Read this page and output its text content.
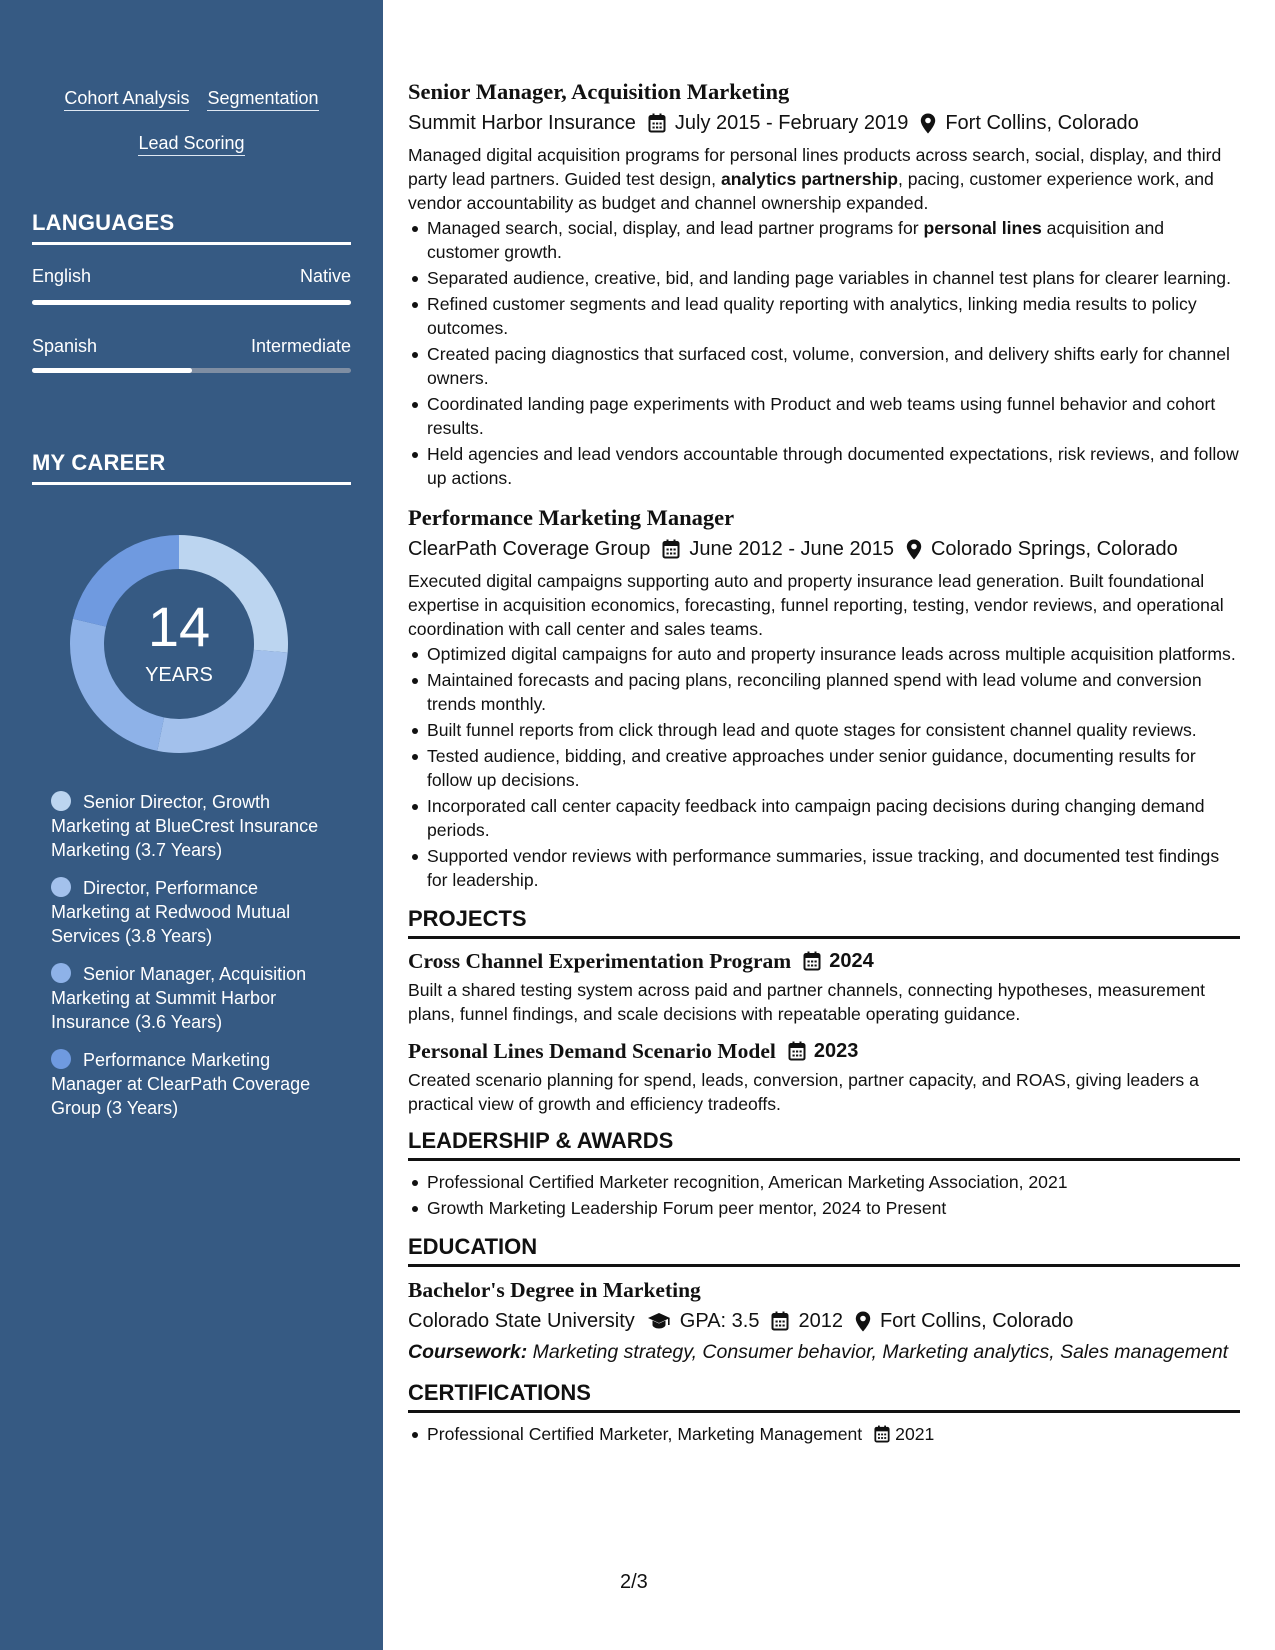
Cohort Analysis Segmentation
Lead Scoring
LANGUAGES
English	Native
Spanish	Intermediate
MY CAREER
14
YEARS
Senior Director, Growth Marketing at BlueCrest Insurance Marketing (3.7 Years)
Director, Performance Marketing at Redwood Mutual Services (3.8 Years)
Senior Manager, Acquisition Marketing at Summit Harbor Insurance (3.6 Years)
Performance Marketing Manager at ClearPath Coverage Group (3 Years)
Senior Manager, Acquisition Marketing
Summit Harbor Insurance July 2015 - February 2019 Fort Collins, Colorado

Managed digital acquisition programs for personal lines products across search, social, display, and third party lead partners. Guided test design, analytics partnership, pacing, customer experience work, and vendor accountability as budget and channel ownership expanded.

Managed search, social, display, and lead partner programs for personal lines acquisition and customer growth.
Separated audience, creative, bid, and landing page variables in channel test plans for clearer learning.
Refined customer segments and lead quality reporting with analytics, linking media results to policy outcomes.
Created pacing diagnostics that surfaced cost, volume, conversion, and delivery shifts early for channel owners.
Coordinated landing page experiments with Product and web teams using funnel behavior and cohort results.
Held agencies and lead vendors accountable through documented expectations, risk reviews, and follow up actions.
Performance Marketing Manager
ClearPath Coverage Group June 2012 - June 2015 Colorado Springs, Colorado

Executed digital campaigns supporting auto and property insurance lead generation. Built foundational expertise in acquisition economics, forecasting, funnel reporting, testing, vendor reviews, and operational coordination with call center and sales teams.

Optimized digital campaigns for auto and property insurance leads across multiple acquisition platforms.
Maintained forecasts and pacing plans, reconciling planned spend with lead volume and conversion trends monthly.
Built funnel reports from click through lead and quote stages for consistent channel quality reviews.
Tested audience, bidding, and creative approaches under senior guidance, documenting results for follow up decisions.
Incorporated call center capacity feedback into campaign pacing decisions during changing demand periods.
Supported vendor reviews with performance summaries, issue tracking, and documented test findings for leadership.
PROJECTS
Cross Channel Experimentation Program 2024

Built a shared testing system across paid and partner channels, connecting hypotheses, measurement plans, funnel findings, and scale decisions with repeatable operating guidance.

Personal Lines Demand Scenario Model 2023

Created scenario planning for spend, leads, conversion, partner capacity, and ROAS, giving leaders a practical view of growth and efficiency tradeoffs.

LEADERSHIP & AWARDS
Professional Certified Marketer recognition, American Marketing Association, 2021
Growth Marketing Leadership Forum peer mentor, 2024 to Present
EDUCATION
Bachelor's Degree in Marketing
Colorado State University GPA: 3.5 2012 Fort Collins, Colorado

Coursework: Marketing strategy, Consumer behavior, Marketing analytics, Sales management

CERTIFICATIONS
Professional Certified Marketer, Marketing Management 2021
2/3
